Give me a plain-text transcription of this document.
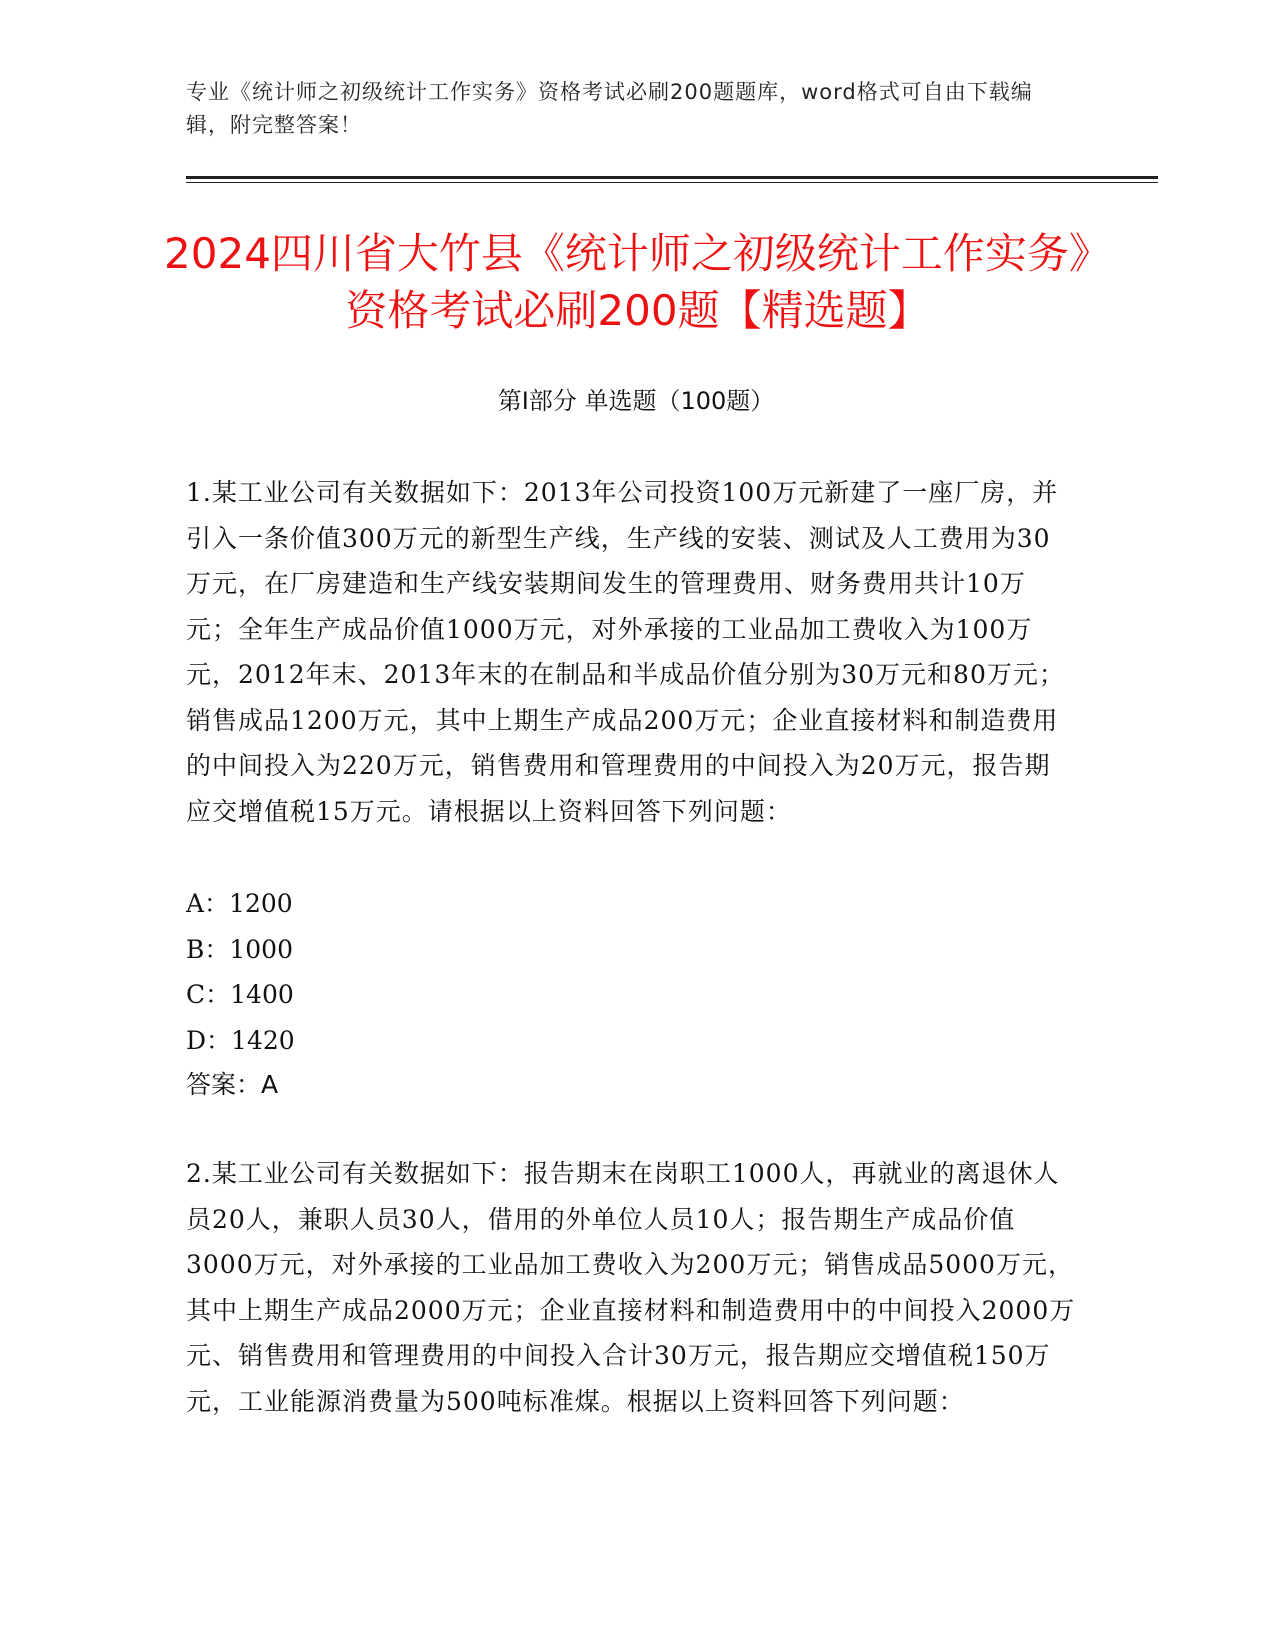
专业《统计师之初级统计工作实务》资格考试必刷200题题库，word格式可自由下载编辑，附完整答案！
2024四川省大竹县《统计师之初级统计工作实务》资格考试必刷200题【精选题】
第Ⅰ部分 单选题（100题）
1.某工业公司有关数据如下：2013年公司投资100万元新建了一座厂房，并引入一条价值300万元的新型生产线，生产线的安装、测试及人工费用为30万元，在厂房建造和生产线安装期间发生的管理费用、财务费用共计10万元；全年生产成品价值1000万元，对外承接的工业品加工费收入为100万元，2012年末、2013年末的在制品和半成品价值分别为30万元和80万元；销售成品1200万元，其中上期生产成品200万元；企业直接材料和制造费用的中间投入为220万元，销售费用和管理费用的中间投入为20万元，报告期应交增值税15万元。请根据以上资料回答下列问题：
A：1200
B：1000
C：1400
D：1420
答案：A
2.某工业公司有关数据如下：报告期末在岗职工1000人，再就业的离退休人员20人，兼职人员30人，借用的外单位人员10人；报告期生产成品价值3000万元，对外承接的工业品加工费收入为200万元；销售成品5000万元，其中上期生产成品2000万元；企业直接材料和制造费用中的中间投入2000万元、销售费用和管理费用的中间投入合计30万元，报告期应交增值税150万元，工业能源消费量为500吨标准煤。根据以上资料回答下列问题：
